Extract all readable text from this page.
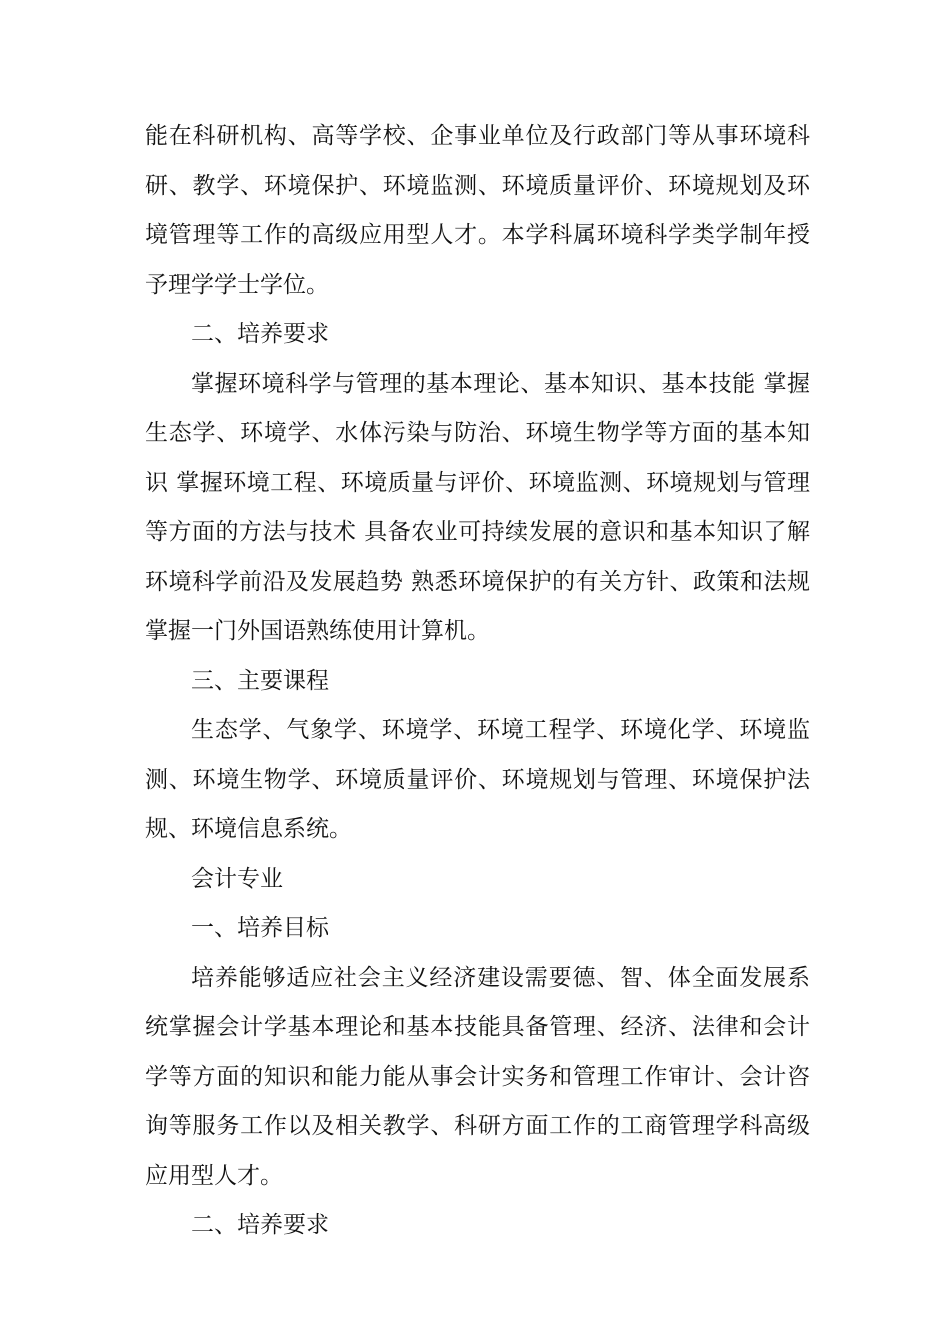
能在科研机构、高等学校、企事业单位及行政部门等从事环境科研、教学、环境保护、环境监测、环境质量评价、环境规划及环境管理等工作的高级应用型人才。本学科属环境科学类学制年授予理学学士学位。

二、培养要求

掌握环境科学与管理的基本理论、基本知识、基本技能 掌握生态学、环境学、水体污染与防治、环境生物学等方面的基本知识 掌握环境工程、环境质量与评价、环境监测、环境规划与管理等方面的方法与技术 具备农业可持续发展的意识和基本知识了解环境科学前沿及发展趋势 熟悉环境保护的有关方针、政策和法规 掌握一门外国语熟练使用计算机。

三、主要课程

生态学、气象学、环境学、环境工程学、环境化学、环境监测、环境生物学、环境质量评价、环境规划与管理、环境保护法规、环境信息系统。

会计专业

一、培养目标

培养能够适应社会主义经济建设需要德、智、体全面发展系统掌握会计学基本理论和基本技能具备管理、经济、法律和会计学等方面的知识和能力能从事会计实务和管理工作审计、会计咨询等服务工作以及相关教学、科研方面工作的工商管理学科高级应用型人才。

二、培养要求
